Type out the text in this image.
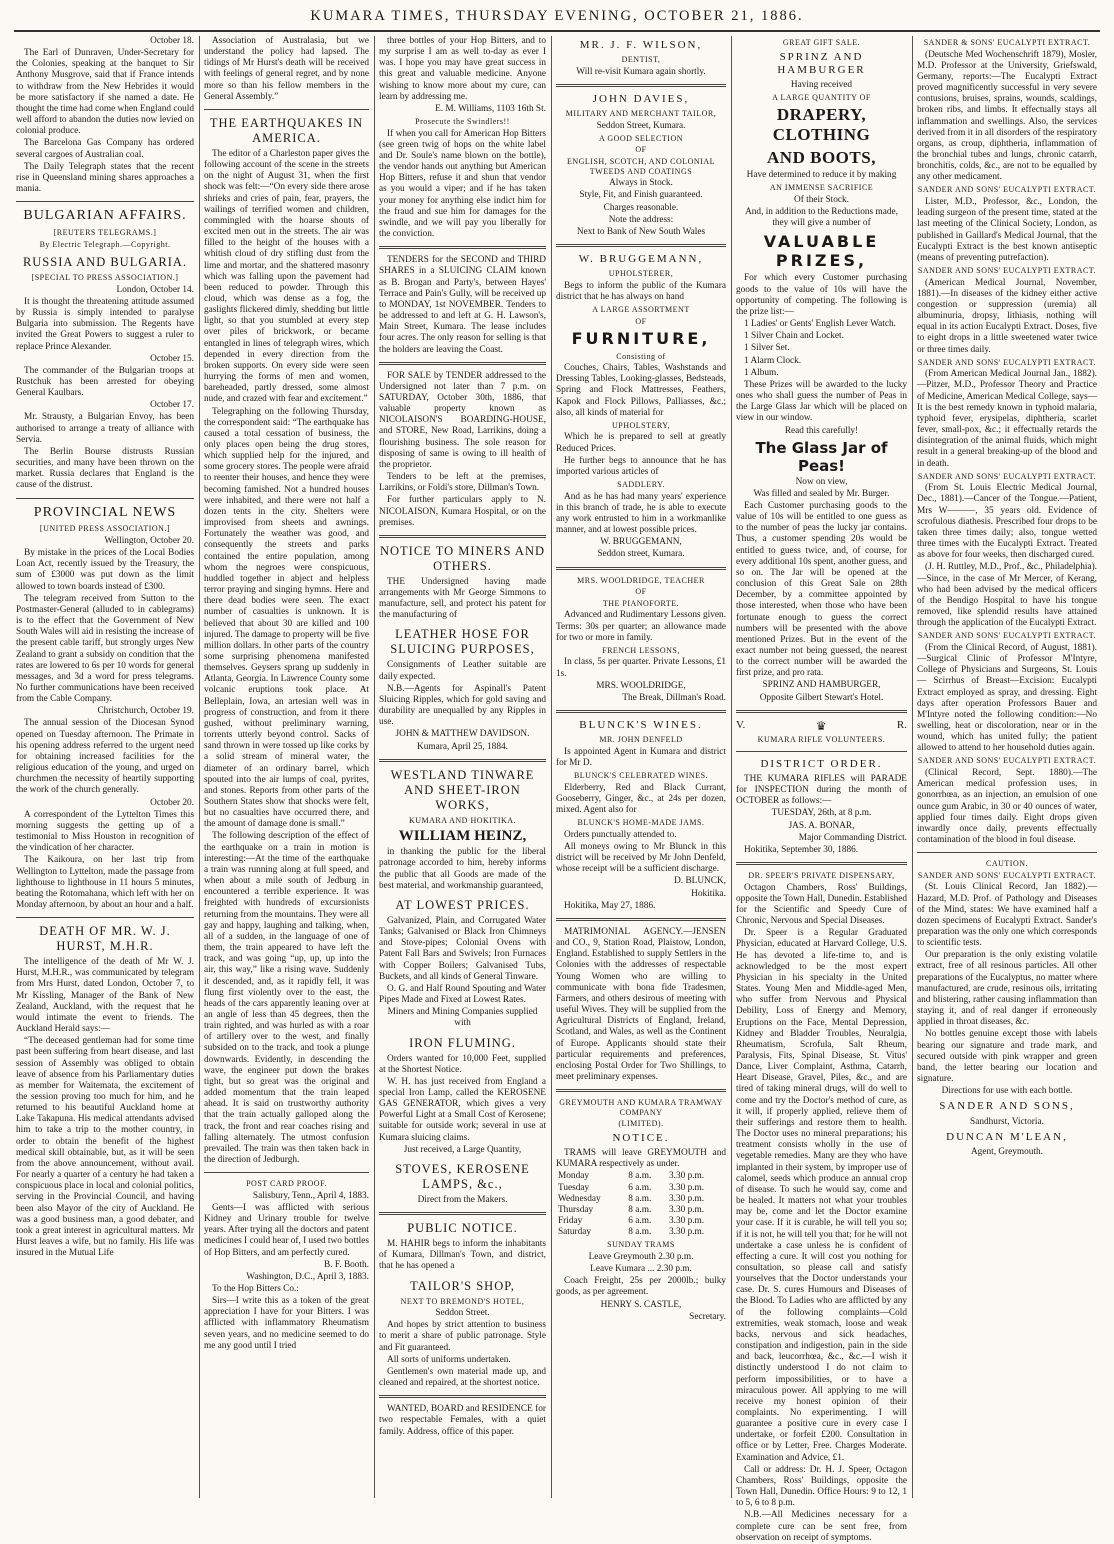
KUMARA TIMES, THURSDAY EVENING, OCTOBER 21, 1886.

October 18.

The Earl of Dunraven, Under-Secretary for the Colonies, speaking at the banquet to Sir Anthony Musgrove, said that if France intends to withdraw from the New Hebrides it would be more satisfactory if she named a date. He thought the time had come when England could well afford to abandon the duties now levied on colonial produce.

The Barcelona Gas Company has ordered several cargoes of Australian coal.

The Daily Telegraph states that the recent rise in Queensland mining shares approaches a mania.

BULGARIAN AFFAIRS.
[REUTERS TELEGRAMS.]
By Electric Telegraph.—Copyright.
RUSSIA AND BULGARIA.
[SPECIAL TO PRESS ASSOCIATION.]

London, October 14.

It is thought the threatening attitude assumed by Russia is simply intended to paralyse Bulgaria into submission. The Regents have invited the Great Powers to suggest a ruler to replace Prince Alexander.

October 15.

The commander of the Bulgarian troops at Rustchuk has been arrested for obeying General Kaulbars.

October 17.

Mr. Strausty, a Bulgarian Envoy, has been authorised to arrange a treaty of alliance with Servia.

The Berlin Bourse distrusts Russian securities, and many have been thrown on the market. Russia declares that England is the cause of the distrust.

PROVINCIAL NEWS
[UNITED PRESS ASSOCIATION.]

Wellington, October 20.

By mistake in the prices of the Local Bodies Loan Act, recently issued by the Treasury, the sum of £3000 was put down as the limit allowed to town boards instead of £300.

The telegram received from Sutton to the Postmaster-General (alluded to in cablegrams) is to the effect that the Government of New South Wales will aid in resisting the increase of the present cable tariff, but strongly urges New Zealand to grant a subsidy on condition that the rates are lowered to 6s per 10 words for general messages, and 3d a word for press telegrams. No further communications have been received from the Cable Company.

Christchurch, October 19.

The annual session of the Diocesan Synod opened on Tuesday afternoon. The Primate in his opening address referred to the urgent need for obtaining increased facilities for the religious education of the young, and urged on churchmen the necessity of heartily supporting the work of the church generally.

October 20.

A correspondent of the Lyttelton Times this morning suggests the getting up of a testimonial to Miss Houston in recognition of the vindication of her character.

The Kaikoura, on her last trip from Wellington to Lyttelton, made the passage from lighthouse to lighthouse in 11 hours 5 minutes, beating the Rotomahana, which left with her on Monday afternoon, by about an hour and a half.

DEATH OF MR. W. J. HURST, M.H.R.

The intelligence of the death of Mr W. J. Hurst, M.H.R., was communicated by telegram from Mrs Hurst, dated London, October 7, to Mr Kissling, Manager of the Bank of New Zealand, Auckland, with the request that he would intimate the event to friends. The Auckland Herald says:—

“The deceased gentleman had for some time past been suffering from heart disease, and last session of Assembly was obliged to obtain leave of absence from his Parliamentary duties as member for Waitemata, the excitement of the session proving too much for him, and he returned to his beautiful Auckland home at Lake Takapuna. His medical attendants advised him to take a trip to the mother country, in order to obtain the benefit of the highest medical skill obtainable, but, as it will be seen from the above announcement, without avail. For nearly a quarter of a century he had taken a conspicuous place in local and colonial politics, serving in the Provincial Council, and having been also Mayor of the city of Auckland. He was a good business man, a good debater, and took a great interest in agricultural matters. Mr Hurst leaves a wife, but no family. His life was insured in the Mutual Life

Association of Australasia, but we understand the policy had lapsed. The tidings of Mr Hurst's death will be received with feelings of general regret, and by none more so than his fellow members in the General Assembly.”

THE EARTHQUAKES IN AMERICA.

The editor of a Charleston paper gives the following account of the scene in the streets on the night of August 31, when the first shock was felt:—“On every side there arose shrieks and cries of pain, fear, prayers, the wailings of terrified women and children, commingled with the hoarse shouts of excited men out in the streets. The air was filled to the height of the houses with a whitish cloud of dry stifling dust from the lime and mortar, and the shattered masonry which was falling upon the pavement had been reduced to powder. Through this cloud, which was dense as a fog, the gaslights flickered dimly, shedding but little light, so that you stumbled at every step over piles of brickwork, or became entangled in lines of telegraph wires, which depended in every direction from the broken supports. On every side were seen hurrying the forms of men and women, bareheaded, partly dressed, some almost nude, and crazed with fear and excitement.”

Telegraphing on the following Thursday, the correspondent said: “The earthquake has caused a total cessation of business, the only places open being the drug stores, which supplied help for the injured, and some grocery stores. The people were afraid to reenter their houses, and hence they were becoming famished. Not a hundred houses were inhabited, and there were not half a dozen tents in the city. Shelters were improvised from sheets and awnings. Fortunately the weather was good, and consequently the streets and parks contained the entire population, among whom the negroes were conspicuous, huddled together in abject and helpless terror praying and singing hymns. Here and there dead bodies were seen. The exact number of casualties is unknown. It is believed that about 30 are killed and 100 injured. The damage to property will be five million dollars. In other parts of the country some surprising phenomena manifested themselves. Geysers sprang up suddenly in Atlanta, Georgia. In Lawrence County some volcanic eruptions took place. At Belleplain, Iowa, an artesian well was in progress of construction, and from it there gushed, without preliminary warning, torrents utterly beyond control. Sacks of sand thrown in were tossed up like corks by a solid stream of mineral water, the diameter of an ordinary barrel, which spouted into the air lumps of coal, pyrites, and stones. Reports from other parts of the Southern States show that shocks were felt, but no casualties have occurred there, and the amount of damage done is small.”

The following description of the effect of the earthquake on a train in motion is interesting:—At the time of the earthquake a train was running along at full speed, and when about a mile south of Jedburg in encountered a terrible experience. It was freighted with hundreds of excursionists returning from the mountains. They were all gay and happy, laughing and talking, when, all of a sudden, in the language of one of them, the train appeared to have left the track, and was going “up, up, up into the air, this way,” like a rising wave. Suddenly it descended, and, as it rapidly fell, it was flung first violently over to the east, the heads of the cars apparently leaning over at an angle of less than 45 degrees, then the train righted, and was hurled as with a roar of artillery over to the west, and finally subsided on to the track, and took a plunge downwards. Evidently, in descending the wave, the engineer put down the brakes tight, but so great was the original and added momentum that the train leaped ahead. It is said on trustworthy authority that the train actually galloped along the track, the front and rear coaches rising and falling alternately. The utmost confusion prevailed. The train was then taken back in the direction of Jedburgh.

POST CARD PROOF.

Salisbury, Tenn., April 4, 1883.

Gents—I was afflicted with serious Kidney and Urinary trouble for twelve years. After trying all the doctors and patent medicines I could hear of, I used two bottles of Hop Bitters, and am perfectly cured.

B. F. Booth.

Washington, D.C., April 3, 1883.

To the Hop Bitters Co.:

Sirs—I write this as a token of the great appreciation I have for your Bitters. I was afflicted with inflammatory Rheumatism seven years, and no medicine seemed to do me any good until I tried

three bottles of your Hop Bitters, and to my surprise I am as well to-day as ever I was. I hope you may have great success in this great and valuable medicine. Anyone wishing to know more about my cure, can learn by addressing me.

E. M. Williams, 1103 16th St.

Prosecute the Swindlers!!

If when you call for American Hop Bitters (see green twig of hops on the white label and Dr. Soule's name blown on the bottle), the vendor hands out anything but American Hop Bitters, refuse it and shun that vendor as you would a viper; and if he has taken your money for anything else indict him for the fraud and sue him for damages for the swindle, and we will pay you liberally for the conviction.

TENDERS for the SECOND and THIRD SHARES in a SLUICING CLAIM known as B. Brogan and Party's, between Hayes' Terrace and Pain's Gully, will be received up to MONDAY, 1st NOVEMBER. Tenders to be addressed to and left at G. H. Lawson's, Main Street, Kumara. The lease includes four acres. The only reason for selling is that the holders are leaving the Coast.

FOR SALE by TENDER addressed to the Undersigned not later than 7 p.m. on SATURDAY, October 30th, 1886, that valuable property known as NICOLAISON'S BOARDING-HOUSE, and STORE, New Road, Larrikins, doing a flourishing business. The sole reason for disposing of same is owing to ill health of the proprietor.

Tenders to be left at the premises, Larrikins, or Foldi's store, Dillman's Town.

For further particulars apply to N. NICOLAISON, Kumara Hospital, or on the premises.

NOTICE TO MINERS AND OTHERS.

THE Undersigned having made arrangements with Mr George Simmons to manufacture, sell, and protect his patent for the manufacturing of

LEATHER HOSE FOR SLUICING PURPOSES,

Consignments of Leather suitable are daily expected.

N.B.—Agents for Aspinall's Patent Sluicing Ripples, which for gold saving and durability are unequalled by any Ripples in use.

JOHN & MATTHEW DAVIDSON.

Kumara, April 25, 1884.

WESTLAND TINWARE AND SHEET-IRON WORKS,
KUMARA AND HOKITIKA.
WILLIAM HEINZ,

in thanking the public for the liberal patronage accorded to him, hereby informs the public that all Goods are made of the best material, and workmanship guaranteed,

AT LOWEST PRICES.

Galvanized, Plain, and Corrugated Water Tanks; Galvanised or Black Iron Chimneys and Stove-pipes; Colonial Ovens with Patent Fall Bars and Swivels; Iron Furnaces with Copper Boilers; Galvanised Tubs, Buckets, and all kinds of General Tinware.

O. G. and Half Round Spouting and Water Pipes Made and Fixed at Lowest Rates.

Miners and Mining Companies supplied with

IRON FLUMING.

Orders wanted for 10,000 Feet, supplied at the Shortest Notice.

W. H. has just received from England a special Iron Lamp, called the KEROSENE GAS GENERATOR, which gives a very Powerful Light at a Small Cost of Kerosene; suitable for outside work; several in use at Kumara sluicing claims.

Just received, a Large Quantity,

STOVES, KEROSENE LAMPS, &c.,

Direct from the Makers.

PUBLIC NOTICE.

M. HAHIR begs to inform the inhabitants of Kumara, Dillman's Town, and district, that he has opened a

TAILOR'S SHOP,
NEXT TO BREMOND'S HOTEL,

Seddon Street.

And hopes by strict attention to business to merit a share of public patronage. Style and Fit guaranteed.

All sorts of uniforms undertaken.

Gentlemen's own material made up, and cleaned and repaired, at the shortest notice.

WANTED, BOARD and RESIDENCE for two respectable Females, with a quiet family. Address, office of this paper.

MR. J. F. WILSON,
DENTIST,

Will re-visit Kumara again shortly.

JOHN DAVIES,
MILITARY AND MERCHANT TAILOR,

Seddon Street, Kumara.

A GOOD SELECTION
OF
ENGLISH, SCOTCH, AND COLONIAL TWEEDS AND COATINGS

Always in Stock.

Style, Fit, and Finish guaranteed.

Charges reasonable.

Note the address:

Next to Bank of New South Wales

W. BRUGGEMANN,
UPHOLSTERER,

Begs to inform the public of the Kumara district that he has always on hand

A LARGE ASSORTMENT
OF
FURNITURE,
Consisting of

Couches, Chairs, Tables, Washstands and Dressing Tables, Looking-glasses, Bedsteads, Spring and Flock Mattresses, Feathers, Kapok and Flock Pillows, Palliasses, &c.; also, all kinds of material for

UPHOLSTERY,

Which he is prepared to sell at greatly Reduced Prices.

He further begs to announce that he has imported various articles of

SADDLERY.

And as he has had many years' experience in this branch of trade, he is able to execute any work entrusted to him in a workmanlike manner, and at lowest possible prices.

W. BRUGGEMANN,

Seddon street, Kumara.

MRS. WOOLDRIDGE, TEACHER
OF
THE PIANOFORTE.

Advanced and Rudimentary Lessons given. Terms: 30s per quarter; an allowance made for two or more in family.

FRENCH LESSONS,

In class, 5s per quarter. Private Lessons, £1 1s.

MRS. WOOLDRIDGE,

The Break, Dillman's Road.

BLUNCK'S WINES.
MR. JOHN DENFELD

Is appointed Agent in Kumara and district for Mr D.

BLUNCK'S CELEBRATED WINES.

Elderberry, Red and Black Currant, Gooseberry, Ginger, &c., at 24s per dozen, mixed. Agent also for

BLUNCK'S HOME-MADE JAMS.

Orders punctually attended to.

All moneys owing to Mr Blunck in this district will be received by Mr John Denfeld, whose receipt will be a sufficient discharge.

D. BLUNCK,

Hokitika.

Hokitika, May 27, 1886.

MATRIMONIAL AGENCY.—JENSEN and CO., 9, Station Road, Plaistow, London, England. Established to supply Settlers in the Colonies with the addresses of respectable Young Women who are willing to communicate with bona fide Tradesmen, Farmers, and others desirous of meeting with useful Wives. They will be supplied from the Agricultural Districts of England, Ireland, Scotland, and Wales, as well as the Continent of Europe. Applicants should state their particular requirements and preferences, enclosing Postal Order for Two Shillings, to meet preliminary expenses.

GREYMOUTH AND KUMARA TRAMWAY COMPANY
(LIMITED).
NOTICE.

TRAMS will leave GREYMOUTH and KUMARA respectively as under.

Monday	8 a.m.	3.30 p.m.
Tuesday	6 a.m.	3.30 p.m.
Wednesday	8 a.m.	3.30 p.m.
Thursday	8 a.m.	3.30 p.m.
Friday	6 a.m.	3.30 p.m.
Saturday	8 a.m.	3.30 p.m.
SUNDAY TRAMS

Leave Greymouth 2.30 p.m.

Leave Kumara ... 2.30 p.m.

Coach Freight, 25s per 2000lb.; bulky goods, as per agreement.

HENRY S. CASTLE,

Secretary.

GREAT GIFT SALE.
SPRINZ AND HAMBURGER

Having received

A LARGE QUANTITY OF
DRAPERY, CLOTHING
AND BOOTS,

Have determined to reduce it by making

AN IMMENSE SACRIFICE

Of their Stock.

And, in addition to the Reductions made, they will give a number of

VALUABLE PRIZES,

For which every Customer purchasing goods to the value of 10s will have the opportunity of competing. The following is the prize list:—

1 Ladies' or Gents' English Lever Watch.

1 Silver Chain and Locket.

1 Silver Set.

1 Alarm Clock.

1 Album.

These Prizes will be awarded to the lucky ones who shall guess the number of Peas in the Large Glass Jar which will be placed on view in our window.

Read this carefully!

The Glass Jar of Peas!

Now on view,

Was filled and sealed by Mr. Burger.

Each Customer purchasing goods to the value of 10s will be entitled to one guess as to the number of peas the lucky jar contains. Thus, a customer spending 20s would be entitled to guess twice, and, of course, for every additional 10s spent, another guess, and so on. The Jar will be opened at the conclusion of this Great Sale on 28th December, by a committee appointed by those interested, when those who have been fortunate enough to guess the correct numbers will be presented with the above mentioned Prizes. But in the event of the exact number not being guessed, the nearest to the correct number will be awarded the first prize, and pro rata.

SPRINZ AND HAMBURGER,

Opposite Gilbert Stewart's Hotel.

V.	♛	R.
KUMARA RIFLE VOLUNTEERS.
DISTRICT ORDER.

THE KUMARA RIFLES will PARADE for INSPECTION during the month of OCTOBER as follows:—

TUESDAY, 26th, at 8 p.m.

JAS. A. BONAR,

Major Commanding District.

Hokitika, September 30, 1886.

DR. SPEER'S PRIVATE DISPENSARY,

Octagon Chambers, Ross' Buildings, opposite the Town Hall, Dunedin. Established for the Scientific and Speedy Cure of Chronic, Nervous and Special Diseases.

Dr. Speer is a Regular Graduated Physician, educated at Harvard College, U.S. He has devoted a life-time to, and is acknowledged to be the most expert Physician in his specialty in the United States. Young Men and Middle-aged Men, who suffer from Nervous and Physical Debility, Loss of Energy and Memory, Eruptions on the Face, Mental Depression, Kidney and Bladder Troubles, Neuralgia, Rheumatism, Scrofula, Salt Rheum, Paralysis, Fits, Spinal Disease, St. Vitus' Dance, Liver Complaint, Asthma, Catarrh, Heart Disease, Gravel, Piles, &c., and are tired of taking mineral drugs, will do well to come and try the Doctor's method of cure, as it will, if properly applied, relieve them of their sufferings and restore them to health. The Doctor uses no mineral preparations; his treatment consists wholly in the use of vegetable remedies. Many are they who have implanted in their system, by improper use of calomel, seeds which produce an annual crop of disease. To such he would say, come and be healed. It matters not what your troubles may be, come and let the Doctor examine your case. If it is curable, he will tell you so; if it is not, he will tell you that; for he will not undertake a case unless he is confident of effecting a cure. It will cost you nothing for consultation, so please call and satisfy yourselves that the Doctor understands your case. Dr. S. cures Humours and Diseases of the Blood. To Ladies who are afflicted by any of the following complaints—Cold extremities, weak stomach, loose and weak backs, nervous and sick headaches, constipation and indigestion, pain in the side and back, leucorrhœa, &c., &c.—I wish it distinctly understood I do not claim to perform impossibilities, or to have a miraculous power. All applying to me will receive my honest opinion of their complaints. No experimenting. I will guarantee a positive cure in every case I undertake, or forfeit £200. Consultation in office or by Letter, Free. Charges Moderate. Examination and Advice, £1.

Call or address: Dr. H. J. Speer, Octagon Chambers, Ross' Buildings, opposite the Town Hall, Dunedin. Office Hours: 9 to 12, 1 to 5, 6 to 8 p.m.

N.B.—All Medicines necessary for a complete cure can be sent free, from observation on receipt of symptoms.

SANDER & SONS' EUCALYPTI EXTRACT.

(Deutsche Med Wochenschrift 1879), Mosler, M.D. Professor at the University, Griefswald, Germany, reports:—The Eucalypti Extract proved magnificently successful in very severe contusions, bruises, sprains, wounds, scaldings, broken ribs, and limbs. It effectually stays all inflammation and swellings. Also, the services derived from it in all disorders of the respiratory organs, as croup, diphtheria, inflammation of the bronchial tubes and lungs, chronic catarrh, bronchitis, colds, &c., are not to be equalled by any other medicament.

SANDER AND SONS' EUCALYPTI EXTRACT.

Lister, M.D., Professor, &c., London, the leading surgeon of the present time, stated at the last meeting of the Clinical Society, London, as published in Gaillard's Medical Journal, that the Eucalypti Extract is the best known antiseptic (means of preventing putrefaction).

SANDER AND SONS' EUCALYPTI EXTRACT.

(American Medical Journal, November, 1881).—In diseases of the kidney either active congestion or suppression (uremia) all albuminuria, dropsy, lithiasis, nothing will equal in its action Eucalypti Extract. Doses, five to eight drops in a little sweetened water twice or three times daily.

SANDER AND SONS' EUCALYPTI EXTRACT.

(From American Medical Journal Jan., 1882).—Pitzer, M.D., Professor Theory and Practice of Medicine, American Medical College, says—It is the best remedy known in typhoid malaria, typhoid fever, erysipelas, diphtheria, scarlet fever, small-pox, &c.; it effectually retards the disintegration of the animal fluids, which might result in a general breaking-up of the blood and in death.

SANDER AND SONS' EUCALYPTI EXTRACT.

(From St. Louis Electric Medical Journal, Dec., 1881).—Cancer of the Tongue.—Patient, Mrs W———, 35 years old. Evidence of scrofulous diathesis. Prescribed four drops to be taken three times daily; also, tongue wetted three times with the Eucalypti Extract. Treated as above for four weeks, then discharged cured.

(J. H. Ruttley, M.D., Prof., &c., Philadelphia).—Since, in the case of Mr Mercer, of Kerang, who had been advised by the medical officers of the Bendigo Hospital to have his tongue removed, like splendid results have attained through the application of the Eucalypti Extract.

SANDER AND SONS' EUCALYPTI EXTRACT.

(From the Clinical Record, of August, 1881).—Surgical Clinic of Professor M'Intyre, College of Physicians and Surgeons, St. Louis — Scirrhus of Breast—Excision: Eucalypti Extract employed as spray, and dressing. Eight days after operation Professors Bauer and M'Intyre noted the following condition:—No swelling, heat or discoloration, near or in the wound, which has united fully; the patient allowed to attend to her household duties again.

SANDER AND SONS' EUCALYPTI EXTRACT.

(Clinical Record, Sept. 1880).—The American medical profession uses, in gonorrhœa, as an injection, an emulsion of one ounce gum Arabic, in 30 or 40 ounces of water, applied four times daily. Eight drops given inwardly once daily, prevents effectually contamination of the blood in foul disease.

CAUTION.
SANDER AND SONS' EUCALYPTI EXTRACT.

(St. Louis Clinical Record, Jan 1882).—Hazard, M.D. Prof. of Pathology and Diseases of the Mind, states: We have examined half a dozen specimens of Eucalypti Extract. Sander's preparation was the only one which corresponds to scientific tests.

Our preparation is the only existing volatile extract, free of all resinous particles. All other preparations of the Eucalyptus, no matter where manufactured, are crude, resinous oils, irritating and blistering, rather causing inflammation than staying it, and of real danger if erroneously applied in throat diseases, &c.

No bottles genuine except those with labels bearing our signature and trade mark, and secured outside with pink wrapper and green band, the letter bearing our location and signature.

Directions for use with each bottle.

SANDER AND SONS,

Sandhurst, Victoria.

DUNCAN M'LEAN,

Agent, Greymouth.
